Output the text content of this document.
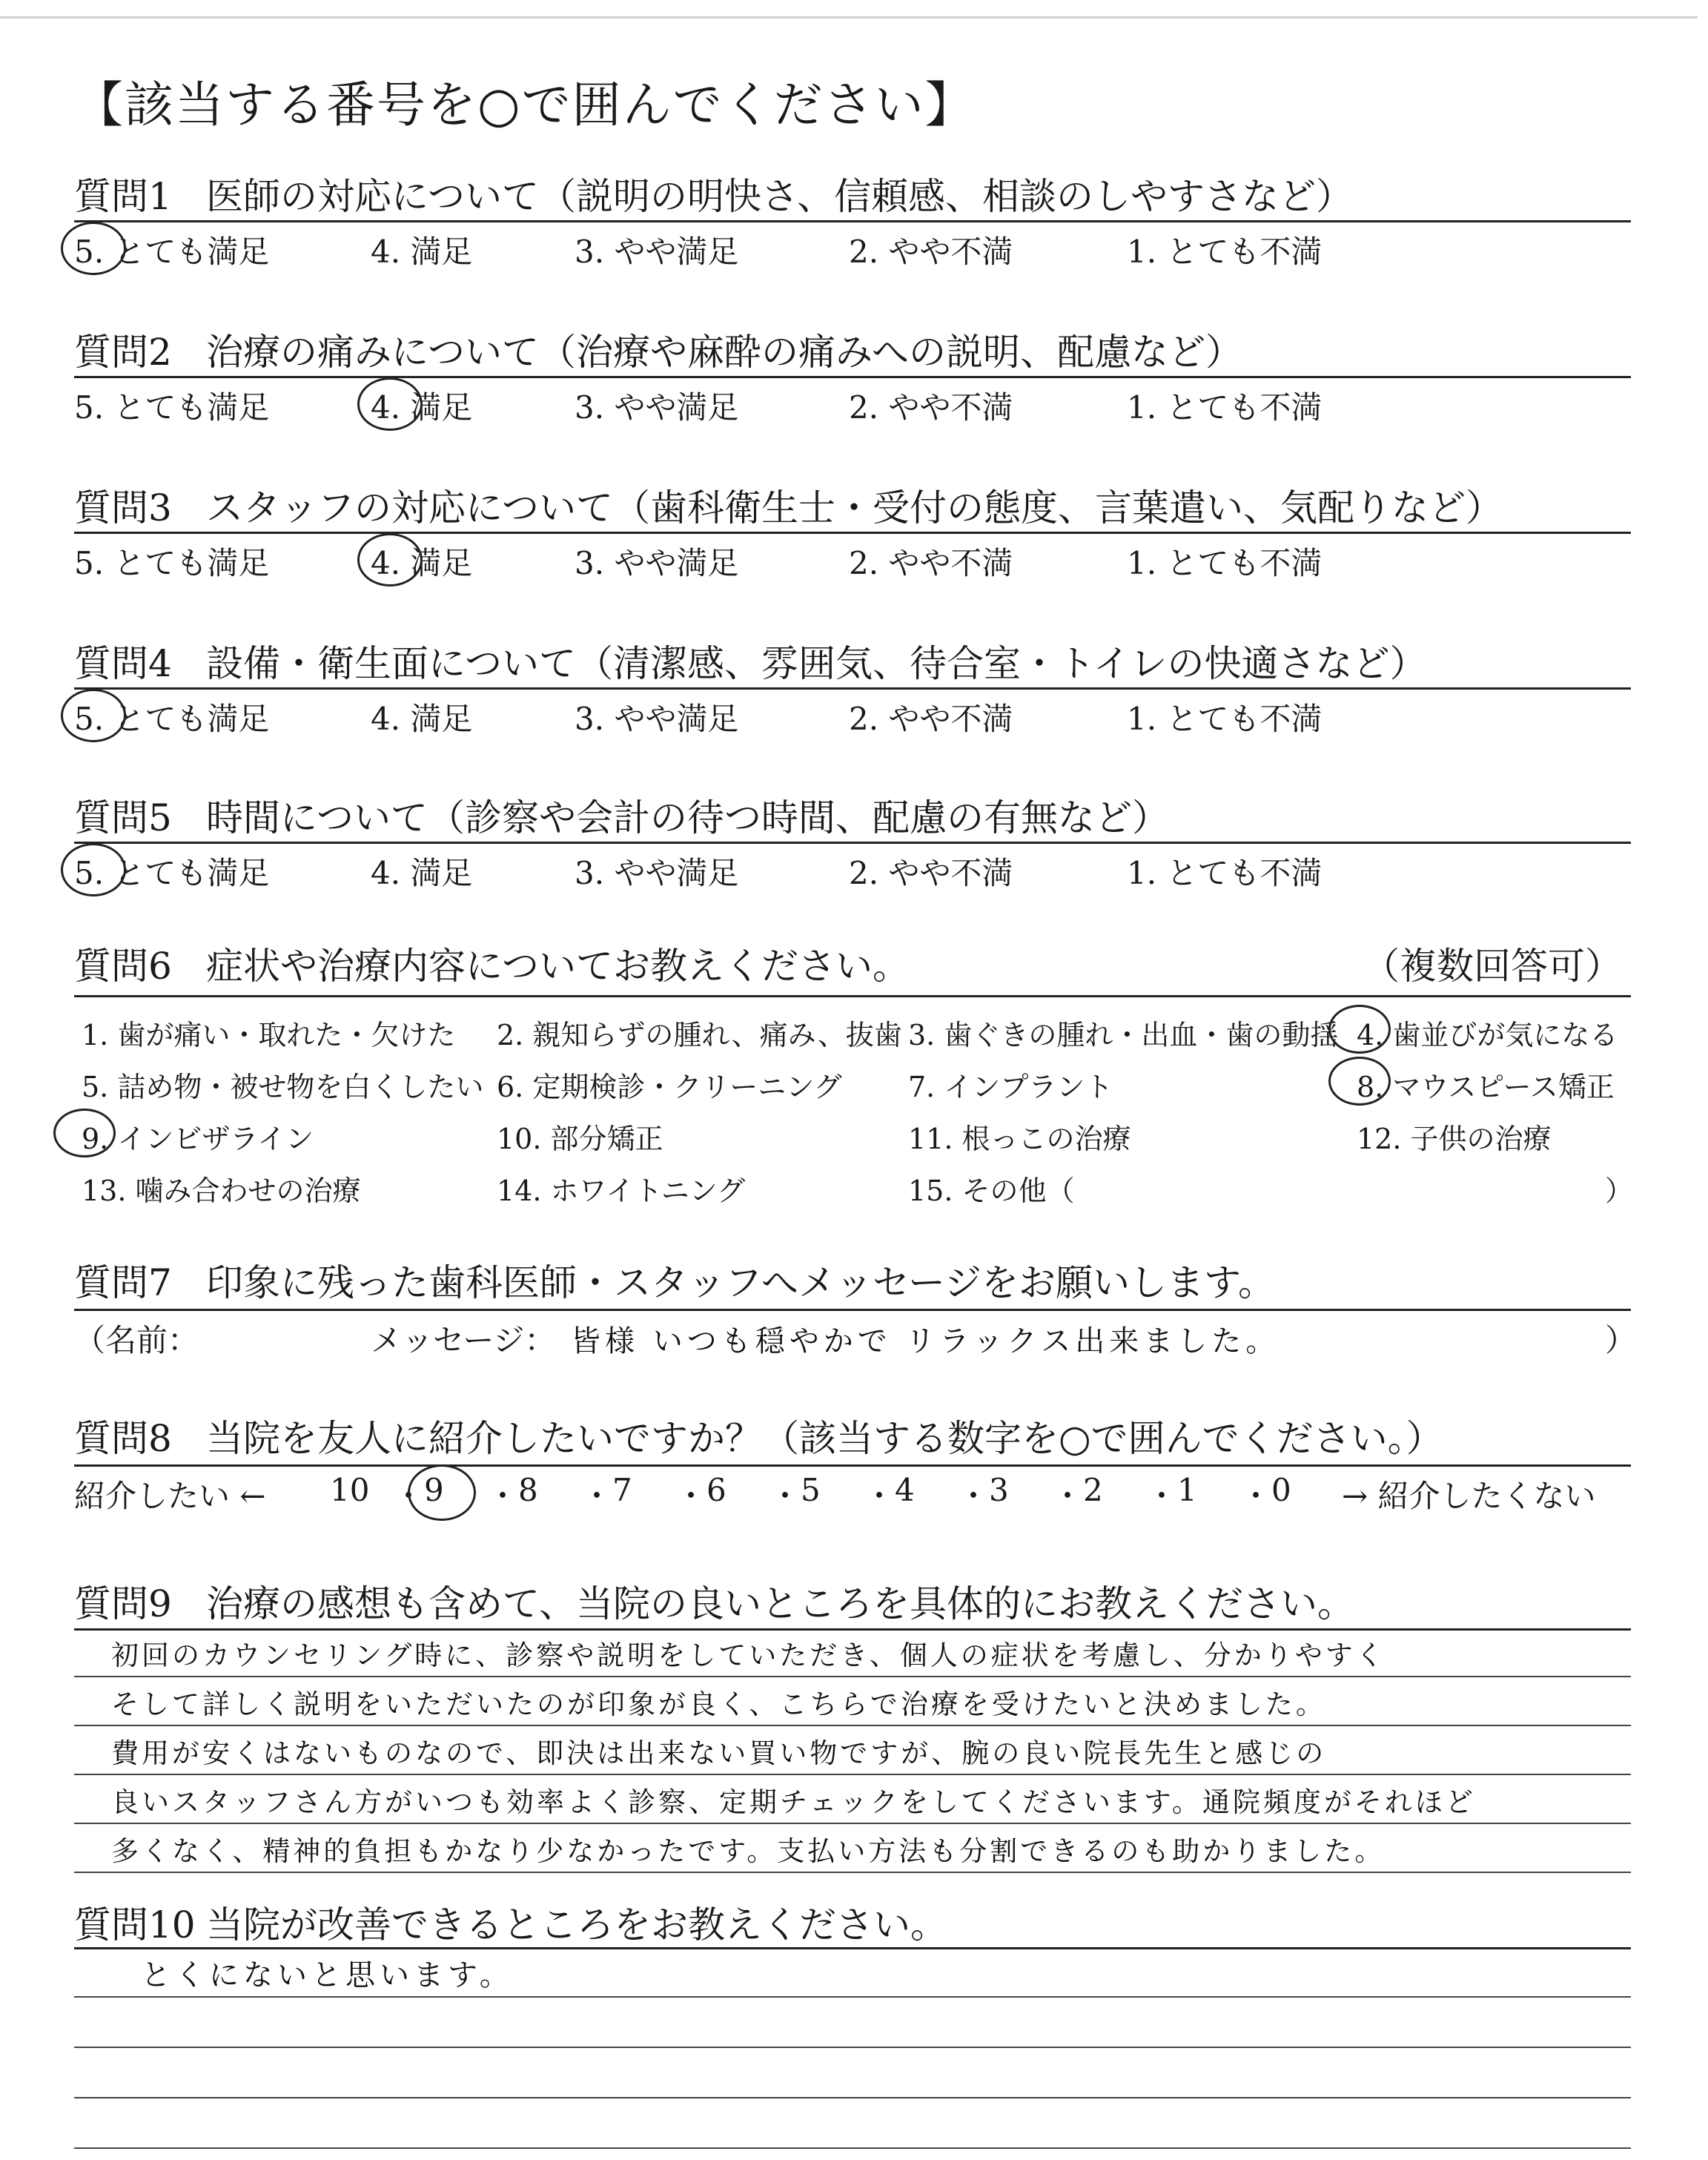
【該当する番号を○で囲んでください】
質問1 医師の対応について（説明の明快さ、信頼感、相談のしやすさなど）
5. とても満足	4. 満足	3. やや満足	2. やや不満	1. とても不満
質問2 治療の痛みについて（治療や麻酔の痛みへの説明、配慮など）
5. とても満足	4. 満足	3. やや満足	2. やや不満	1. とても不満
質問3 スタッフの対応について（歯科衛生士・受付の態度、言葉遣い、気配りなど）
5. とても満足	4. 満足	3. やや満足	2. やや不満	1. とても不満
質問4 設備・衛生面について（清潔感、雰囲気、待合室・トイレの快適さなど）
5. とても満足	4. 満足	3. やや満足	2. やや不満	1. とても不満
質問5 時間について（診察や会計の待つ時間、配慮の有無など）
5. とても満足	4. 満足	3. やや満足	2. やや不満	1. とても不満
質問6 症状や治療内容についてお教えください。	（複数回答可）
1. 歯が痛い・取れた・欠けた 2. 親知らずの腫れ、痛み、抜歯 3. 歯ぐきの腫れ・出血・歯の動揺 4. 歯並びが気になる
5. 詰め物・被せ物を白くしたい 6. 定期検診・クリーニング 7. インプラント	8. マウスピース矯正
9. インビザライン	10. 部分矯正	11. 根っこの治療	12. 子供の治療
13. 噛み合わせの治療	14. ホワイトニング	15. その他（	）
質問7 印象に残った歯科医師・スタッフへメッセージをお願いします。
（名前：	メッセージ： 皆様 いつも穏やかで リラックス出来ました。	）
質問8 当院を友人に紹介したいですか？（該当する数字を○で囲んでください。）
紹介したい ←	→ 紹介したくない
10 ・ 9 ・ 8 ・ 7 ・ 6 ・ 5 ・ 4 ・ 3 ・ 2 ・ 1 ・ 0
質問9 治療の感想も含めて、当院の良いところを具体的にお教えください。
初回のカウンセリング時に、診察や説明をしていただき、個人の症状を考慮し、分かりやすく
そして詳しく説明をいただいたのが印象が良く、こちらで治療を受けたいと決めました。
費用が安くはないものなので、即決は出来ない買い物ですが、腕の良い院長先生と感じの
良いスタッフさん方がいつも効率よく診察、定期チェックをしてくださいます。通院頻度がそれほど
多くなく、精神的負担もかなり少なかったです。支払い方法も分割できるのも助かりました。
質問10 当院が改善できるところをお教えください。
とくにないと思います。
